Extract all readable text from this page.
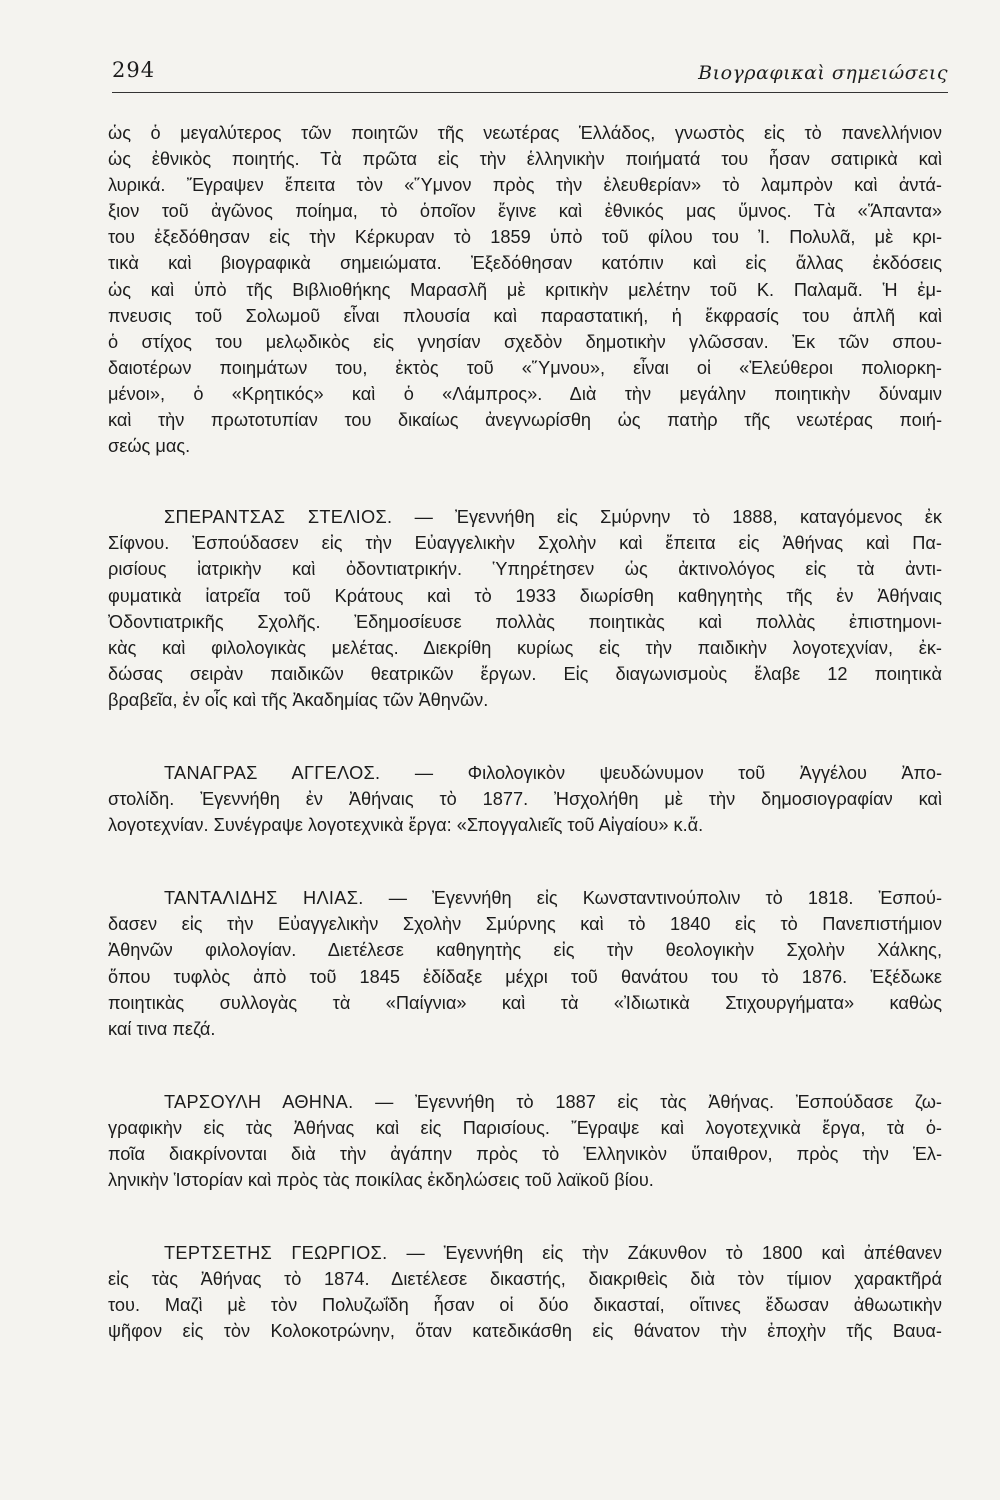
294	Βιογραφικαὶ σημειώσεις
ὡς ὁ μεγαλύτερος τῶν ποιητῶν τῆς νεωτέρας Ἑλλάδος, γνωστὸς εἰς τὸ πανελλήνιον
ὡς ἐθνικὸς ποιητής. Τὰ πρῶτα εἰς τὴν ἑλληνικὴν ποιήματά του ἦσαν σατιρικὰ καὶ
λυρικά. Ἔγραψεν ἔπειτα τὸν «Ὕμνον πρὸς τὴν ἐλευθερίαν» τὸ λαμπρὸν καὶ ἀντά-
ξιον τοῦ ἀγῶνος ποίημα, τὸ ὁποῖον ἔγινε καὶ ἐθνικός μας ὕμνος. Τὰ «Ἅπαντα»
του ἐξεδόθησαν εἰς τὴν Κέρκυραν τὸ 1859 ὑπὸ τοῦ φίλου του Ἰ. Πολυλᾶ, μὲ κρι-
τικὰ καὶ βιογραφικὰ σημειώματα. Ἐξεδόθησαν κατόπιν καὶ εἰς ἄλλας ἐκδόσεις
ὡς καὶ ὑπὸ τῆς Βιβλιοθήκης Μαρασλῆ μὲ κριτικὴν μελέτην τοῦ Κ. Παλαμᾶ. Ἡ ἐμ-
πνευσις τοῦ Σολωμοῦ εἶναι πλουσία καὶ παραστατική, ἡ ἔκφρασίς του ἁπλῆ καὶ
ὁ στίχος του μελῳδικὸς εἰς γνησίαν σχεδὸν δημοτικὴν γλῶσσαν. Ἐκ τῶν σπου-
δαιοτέρων ποιημάτων του, ἐκτὸς τοῦ «Ὕμνου», εἶναι οἱ «Ἐλεύθεροι πολιορκη-
μένοι», ὁ «Κρητικός» καὶ ὁ «Λάμπρος». Διὰ τὴν μεγάλην ποιητικὴν δύναμιν
καὶ τὴν πρωτοτυπίαν του δικαίως ἀνεγνωρίσθη ὡς πατὴρ τῆς νεωτέρας ποιή-
σεώς μας.
ΣΠΕΡΑΝΤΣΑΣ ΣΤΕΛΙΟΣ. — Ἐγεννήθη εἰς Σμύρνην τὸ 1888, καταγόμενος ἐκ
Σίφνου. Ἐσπούδασεν εἰς τὴν Εὐαγγελικὴν Σχολὴν καὶ ἔπειτα εἰς Ἀθήνας καὶ Πα-
ρισίους ἰατρικὴν καὶ ὀδοντιατρικήν. Ὑπηρέτησεν ὡς ἀκτινολόγος εἰς τὰ ἀντι-
φυματικὰ ἰατρεῖα τοῦ Κράτους καὶ τὸ 1933 διωρίσθη καθηγητὴς τῆς ἐν Ἀθήναις
Ὀδοντιατρικῆς Σχολῆς. Ἐδημοσίευσε πολλὰς ποιητικὰς καὶ πολλὰς ἐπιστημονι-
κὰς καὶ φιλολογικὰς μελέτας. Διεκρίθη κυρίως εἰς τὴν παιδικὴν λογοτεχνίαν, ἐκ-
δώσας σειρὰν παιδικῶν θεατρικῶν ἔργων. Εἰς διαγωνισμοὺς ἔλαβε 12 ποιητικὰ
βραβεῖα, ἐν οἷς καὶ τῆς Ἀκαδημίας τῶν Ἀθηνῶν.
ΤΑΝΑΓΡΑΣ ΑΓΓΕΛΟΣ. — Φιλολογικὸν ψευδώνυμον τοῦ Ἀγγέλου Ἀπο-
στολίδη. Ἐγεννήθη ἐν Ἀθήναις τὸ 1877. Ἠσχολήθη μὲ τὴν δημοσιογραφίαν καὶ
λογοτεχνίαν. Συνέγραψε λογοτεχνικὰ ἔργα: «Σπογγαλιεῖς τοῦ Αἰγαίου» κ.ἄ.
ΤΑΝΤΑΛΙΔΗΣ ΗΛΙΑΣ. — Ἐγεννήθη εἰς Κωνσταντινούπολιν τὸ 1818. Ἐσπού-
δασεν εἰς τὴν Εὐαγγελικὴν Σχολὴν Σμύρνης καὶ τὸ 1840 εἰς τὸ Πανεπιστήμιον
Ἀθηνῶν φιλολογίαν. Διετέλεσε καθηγητὴς εἰς τὴν θεολογικὴν Σχολὴν Χάλκης,
ὅπου τυφλὸς ἀπὸ τοῦ 1845 ἐδίδαξε μέχρι τοῦ θανάτου του τὸ 1876. Ἐξέδωκε
ποιητικὰς συλλογὰς τὰ «Παίγνια» καὶ τὰ «Ἰδιωτικὰ Στιχουργήματα» καθὼς
καί τινα πεζά.
ΤΑΡΣΟΥΛΗ ΑΘΗΝΑ. — Ἐγεννήθη τὸ 1887 εἰς τὰς Ἀθήνας. Ἐσπούδασε ζω-
γραφικὴν εἰς τὰς Ἀθήνας καὶ εἰς Παρισίους. Ἔγραψε καὶ λογοτεχνικὰ ἔργα, τὰ ὁ-
ποῖα διακρίνονται διὰ τὴν ἀγάπην πρὸς τὸ Ἑλληνικὸν ὕπαιθρον, πρὸς τὴν Ἑλ-
ληνικὴν Ἱστορίαν καὶ πρὸς τὰς ποικίλας ἐκδηλώσεις τοῦ λαϊκοῦ βίου.
ΤΕΡΤΣΕΤΗΣ ΓΕΩΡΓΙΟΣ. — Ἐγεννήθη εἰς τὴν Ζάκυνθον τὸ 1800 καὶ ἀπέθανεν
εἰς τὰς Ἀθήνας τὸ 1874. Διετέλεσε δικαστής, διακριθεὶς διὰ τὸν τίμιον χαρακτῆρά
του. Μαζὶ μὲ τὸν Πολυζωΐδη ἦσαν οἱ δύο δικασταί, οἵτινες ἔδωσαν ἀθωωτικὴν
ψῆφον εἰς τὸν Κολοκοτρώνην, ὅταν κατεδικάσθη εἰς θάνατον τὴν ἐποχὴν τῆς Βαυα-
